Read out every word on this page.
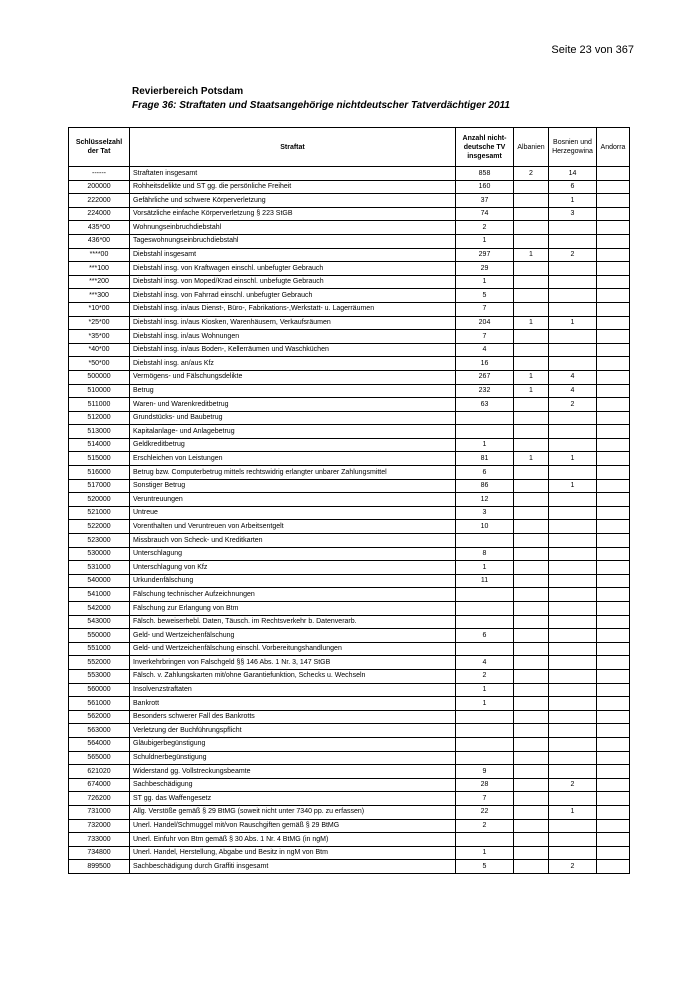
Seite 23 von 367
Revierbereich Potsdam
Frage 36: Straftaten und Staatsangehörige nichtdeutscher Tatverdächtiger 2011
Schlüsselzahl der Tat	Straftat	Anzahl nicht-deutsche TV insgesamt	Albanien	Bosnien und Herzegowina	Andorra
------	Straftaten insgesamt	858	2	14	
200000	Rohheitsdelikte und ST gg. die persönliche Freiheit	160		6	
222000	Gefährliche und schwere Körperverletzung	37		1	
224000	Vorsätzliche einfache Körperverletzung § 223 StGB	74		3	
435*00	Wohnungseinbruchdiebstahl	2			
436*00	Tageswohnungseinbruchdiebstahl	1			
****00	Diebstahl insgesamt	297	1	2	
***100	Diebstahl insg. von Kraftwagen einschl. unbefugter Gebrauch	29			
***200	Diebstahl insg. von Moped/Krad einschl. unbefugte Gebrauch	1			
***300	Diebstahl insg. von Fahrrad einschl. unbefugter Gebrauch	5			
*10*00	Diebstahl insg. in/aus Dienst-, Büro-, Fabrikations-,Werkstatt- u. Lagerräumen	7			
*25*00	Diebstahl insg. in/aus Kiosken, Warenhäusern, Verkaufsräumen	204	1	1	
*35*00	Diebstahl insg. in/aus Wohnungen	7			
*40*00	Diebstahl insg. in/aus Boden-, Kellerräumen und Waschküchen	4			
*50*00	Diebstahl insg. an/aus Kfz	16			
500000	Vermögens- und Fälschungsdelikte	267	1	4	
510000	Betrug	232	1	4	
511000	Waren- und Warenkreditbetrug	63		2	
512000	Grundstücks- und Baubetrug				
513000	Kapitalanlage- und Anlagebetrug				
514000	Geldkreditbetrug	1			
515000	Erschleichen von Leistungen	81	1	1	
516000	Betrug bzw. Computerbetrug mittels rechtswidrig erlangter unbarer Zahlungsmittel	6			
517000	Sonstiger Betrug	86		1	
520000	Veruntreuungen	12			
521000	Untreue	3			
522000	Vorenthalten und Veruntreuen von Arbeitsentgelt	10			
523000	Missbrauch von Scheck- und Kreditkarten				
530000	Unterschlagung	8			
531000	Unterschlagung von Kfz	1			
540000	Urkundenfälschung	11			
541000	Fälschung technischer Aufzeichnungen				
542000	Fälschung zur Erlangung von Btm				
543000	Fälsch. beweiserhebl. Daten, Täusch. im Rechtsverkehr b. Datenverarb.				
550000	Geld- und Wertzeichenfälschung	6			
551000	Geld- und Wertzeichenfälschung einschl. Vorbereitungshandlungen				
552000	Inverkehrbringen von Falschgeld §§ 146 Abs. 1 Nr. 3, 147 StGB	4			
553000	Fälsch. v. Zahlungskarten mit/ohne Garantiefunktion, Schecks u. Wechseln	2			
560000	Insolvenzstraftaten	1			
561000	Bankrott	1			
562000	Besonders schwerer Fall des Bankrotts				
563000	Verletzung der Buchführungspflicht				
564000	Gläubigerbegünstigung				
565000	Schuldnerbegünstigung				
621020	Widerstand gg. Vollstreckungsbeamte	9			
674000	Sachbeschädigung	28		2	
726200	ST gg. das Waffengesetz	7			
731000	Allg. Verstöße gemäß § 29 BtMG (soweit nicht unter 7340 pp. zu erfassen)	22		1	
732000	Unerl. Handel/Schmuggel mit/von Rauschgiften gemäß § 29 BtMG	2			
733000	Unerl. Einfuhr von Btm gemäß § 30 Abs. 1 Nr. 4 BtMG (in ngM)				
734800	Unerl. Handel, Herstellung, Abgabe und Besitz in ngM von Btm	1			
899500	Sachbeschädigung durch Graffiti insgesamt	5		2	
